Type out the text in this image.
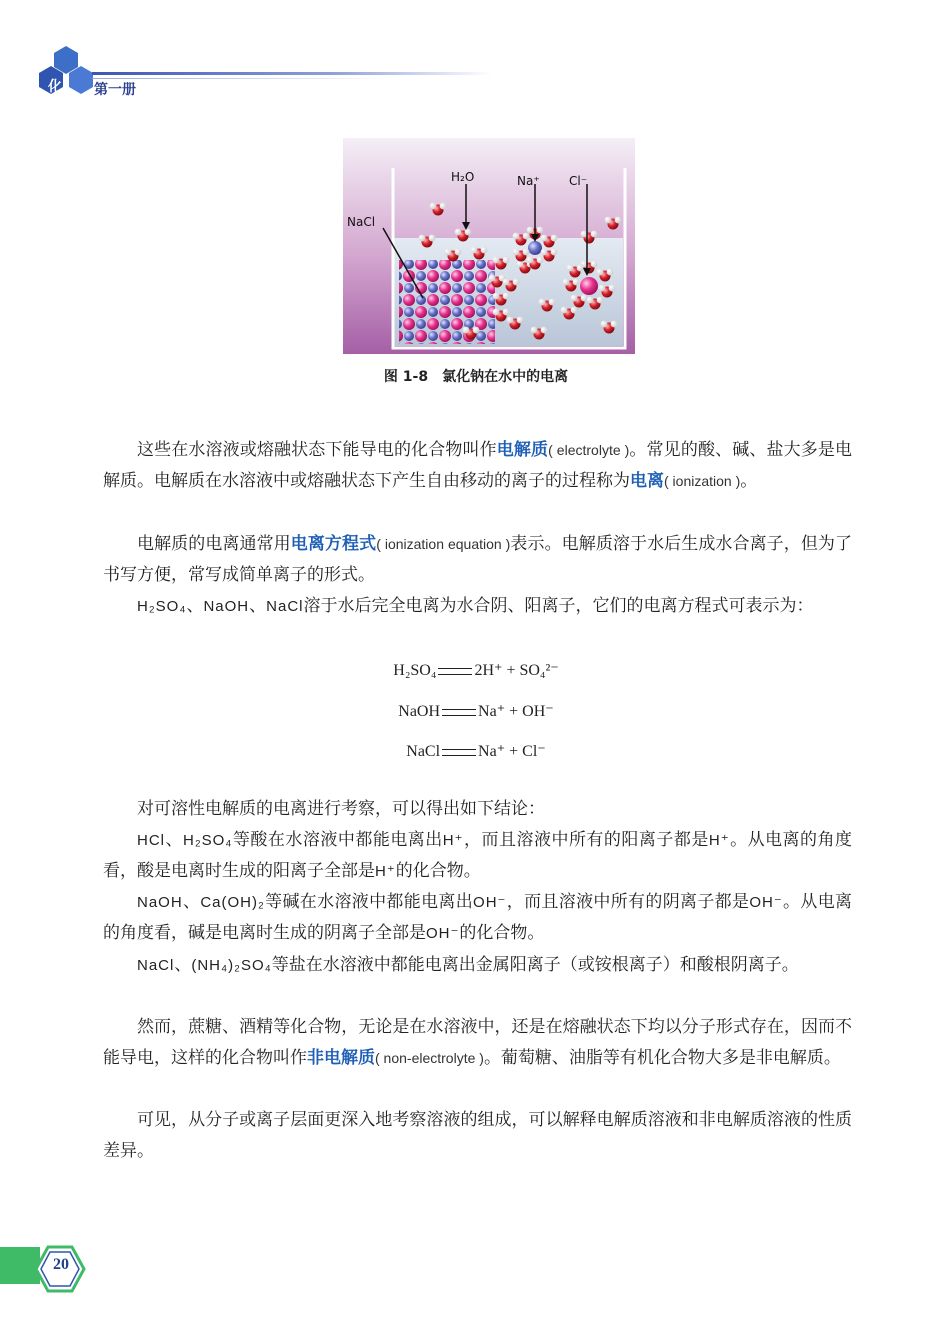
化学
第一册
H₂O	Na⁺ Cl⁻
NaCl
图 1-8 氯化钠在水中的电离

这些在水溶液或熔融状态下能导电的化合物叫作电解质( electrolyte )。常见的酸、碱、盐大多是电解质。电解质在水溶液中或熔融状态下产生自由移动的离子的过程称为电离( ionization )。

电解质的电离通常用电离方程式( ionization equation )表示。电解质溶于水后生成水合离子，但为了书写方便，常写成简单离子的形式。

H₂SO₄、NaOH、NaCl溶于水后完全电离为水合阴、阳离子，它们的电离方程式可表示为：

H₂SO₄ 2H⁺ + SO₄²⁻
NaOH Na⁺ + OH⁻
NaCl Na⁺ + Cl⁻

对可溶性电解质的电离进行考察，可以得出如下结论：

HCl、H₂SO₄等酸在水溶液中都能电离出H⁺，而且溶液中所有的阳离子都是H⁺。从电离的角度看，酸是电离时生成的阳离子全部是H⁺的化合物。

NaOH、Ca(OH)₂等碱在水溶液中都能电离出OH⁻，而且溶液中所有的阴离子都是OH⁻。从电离的角度看，碱是电离时生成的阴离子全部是OH⁻的化合物。

NaCl、(NH₄)₂SO₄等盐在水溶液中都能电离出金属阳离子（或铵根离子）和酸根阴离子。

然而，蔗糖、酒精等化合物，无论是在水溶液中，还是在熔融状态下均以分子形式存在，因而不能导电，这样的化合物叫作非电解质( non-electrolyte )。葡萄糖、油脂等有机化合物大多是非电解质。

可见，从分子或离子层面更深入地考察溶液的组成，可以解释电解质溶液和非电解质溶液的性质差异。

20
